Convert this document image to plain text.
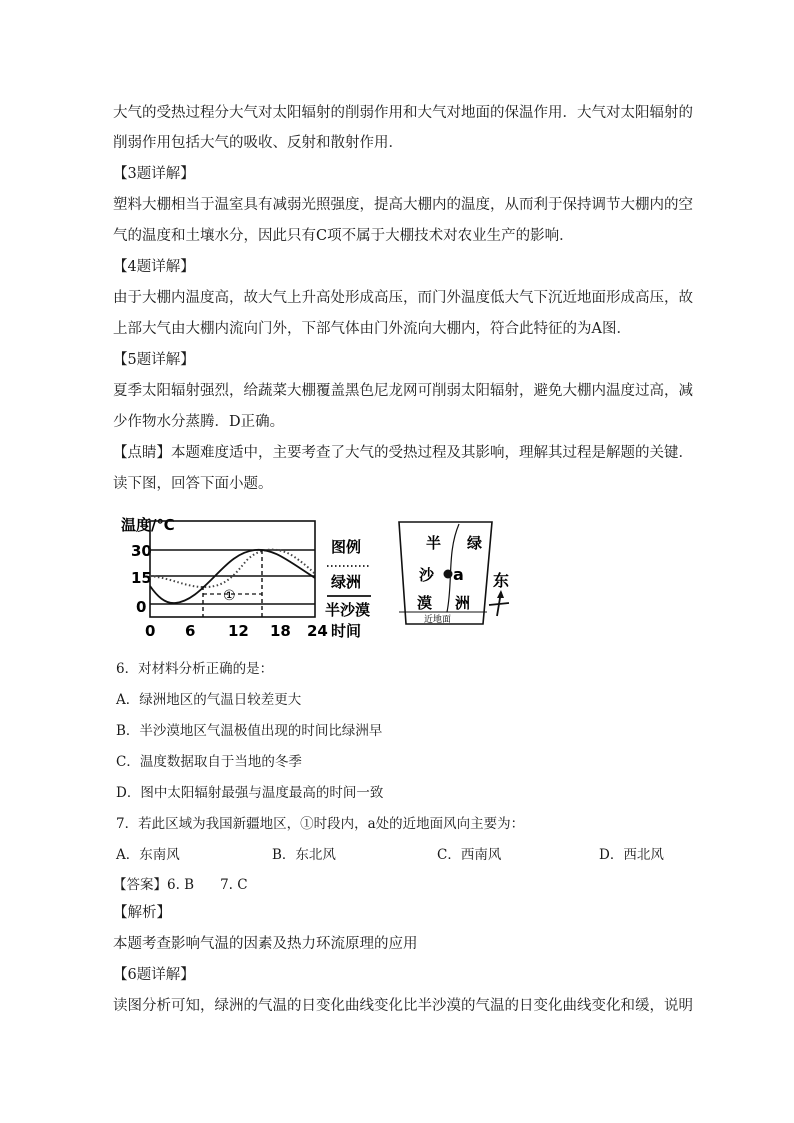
大气的受热过程分大气对太阳辐射的削弱作用和大气对地面的保温作用．大气对太阳辐射的
削弱作用包括大气的吸收、反射和散射作用．
【3题详解】
塑料大棚相当于温室具有减弱光照强度，提高大棚内的温度，从而利于保持调节大棚内的空
气的温度和土壤水分，因此只有C项不属于大棚技术对农业生产的影响．
【4题详解】
由于大棚内温度高，故大气上升高处形成高压，而门外温度低大气下沉近地面形成高压，故
上部大气由大棚内流向门外，下部气体由门外流向大棚内，符合此特征的为A图．
【5题详解】
夏季太阳辐射强烈，给蔬菜大棚覆盖黑色尼龙网可削弱太阳辐射，避免大棚内温度过高，减
少作物水分蒸腾．D正确。
【点睛】本题难度适中，主要考查了大气的受热过程及其影响，理解其过程是解题的关键．
读下图，回答下面小题。
温度/℃
30
15
0
①
0 6 12 18 24
图例
绿洲
半沙漠
时间
半
沙
漠
绿
洲
a
近地面
东
6．对材料分析正确的是：
A．绿洲地区的气温日较差更大
B．半沙漠地区气温极值出现的时间比绿洲早
C．温度数据取自于当地的冬季
D．图中太阳辐射最强与温度最高的时间一致
7．若此区域为我国新疆地区，①时段内，a处的近地面风向主要为：
A．东南风	B．东北风	C．西南风	D．西北风
【答案】6. B 7. C
【解析】
本题考查影响气温的因素及热力环流原理的应用
【6题详解】
读图分析可知，绿洲的气温的日变化曲线变化比半沙漠的气温的日变化曲线变化和缓，说明
